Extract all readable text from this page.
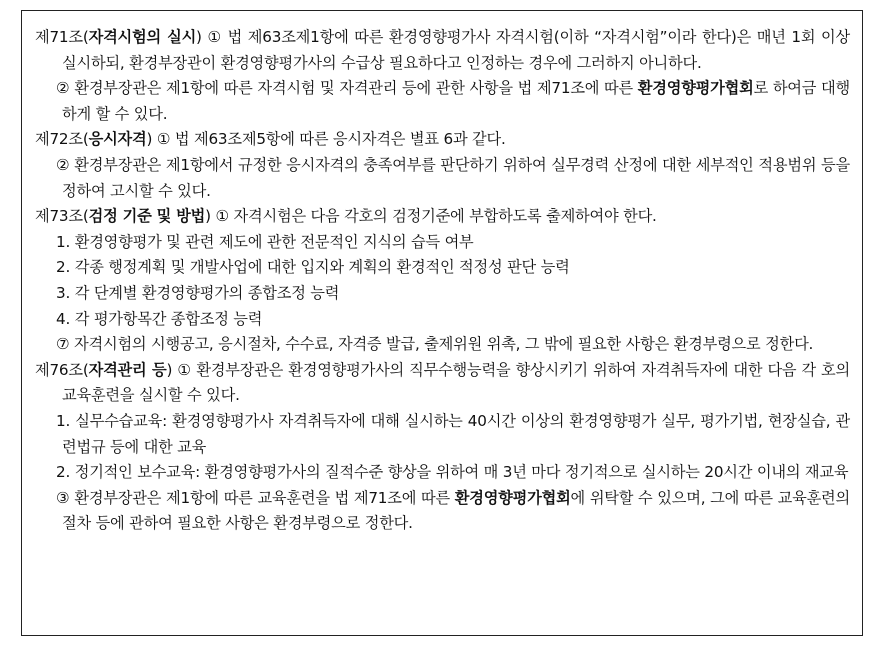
제71조(자격시험의 실시) ① 법 제63조제1항에 따른 환경영향평가사 자격시험(이하 “자격시험”이라 한다)은 매년 1회 이상 실시하되, 환경부장관이 환경영향평가사의 수급상 필요하다고 인정하는 경우에 그러하지 아니하다.

② 환경부장관은 제1항에 따른 자격시험 및 자격관리 등에 관한 사항을 법 제71조에 따른 환경영향평가협회로 하여금 대행하게 할 수 있다.

제72조(응시자격) ① 법 제63조제5항에 따른 응시자격은 별표 6과 같다.

② 환경부장관은 제1항에서 규정한 응시자격의 충족여부를 판단하기 위하여 실무경력 산정에 대한 세부적인 적용범위 등을 정하여 고시할 수 있다.

제73조(검정 기준 및 방법) ① 자격시험은 다음 각호의 검정기준에 부합하도록 출제하여야 한다.

1. 환경영향평가 및 관련 제도에 관한 전문적인 지식의 습득 여부

2. 각종 행정계획 및 개발사업에 대한 입지와 계획의 환경적인 적정성 판단 능력

3. 각 단계별 환경영향평가의 종합조정 능력

4. 각 평가항목간 종합조정 능력

⑦ 자격시험의 시행공고, 응시절차, 수수료, 자격증 발급, 출제위원 위촉, 그 밖에 필요한 사항은 환경부령으로 정한다.

제76조(자격관리 등) ① 환경부장관은 환경영향평가사의 직무수행능력을 향상시키기 위하여 자격취득자에 대한 다음 각 호의 교육훈련을 실시할 수 있다.

1. 실무수습교육: 환경영향평가사 자격취득자에 대해 실시하는 40시간 이상의 환경영향평가 실무, 평가기법, 현장실습, 관련법규 등에 대한 교육

2. 정기적인 보수교육: 환경영향평가사의 질적수준 향상을 위하여 매 3년 마다 정기적으로 실시하는 20시간 이내의 재교육

③ 환경부장관은 제1항에 따른 교육훈련을 법 제71조에 따른 환경영향평가협회에 위탁할 수 있으며, 그에 따른 교육훈련의 절차 등에 관하여 필요한 사항은 환경부령으로 정한다.
